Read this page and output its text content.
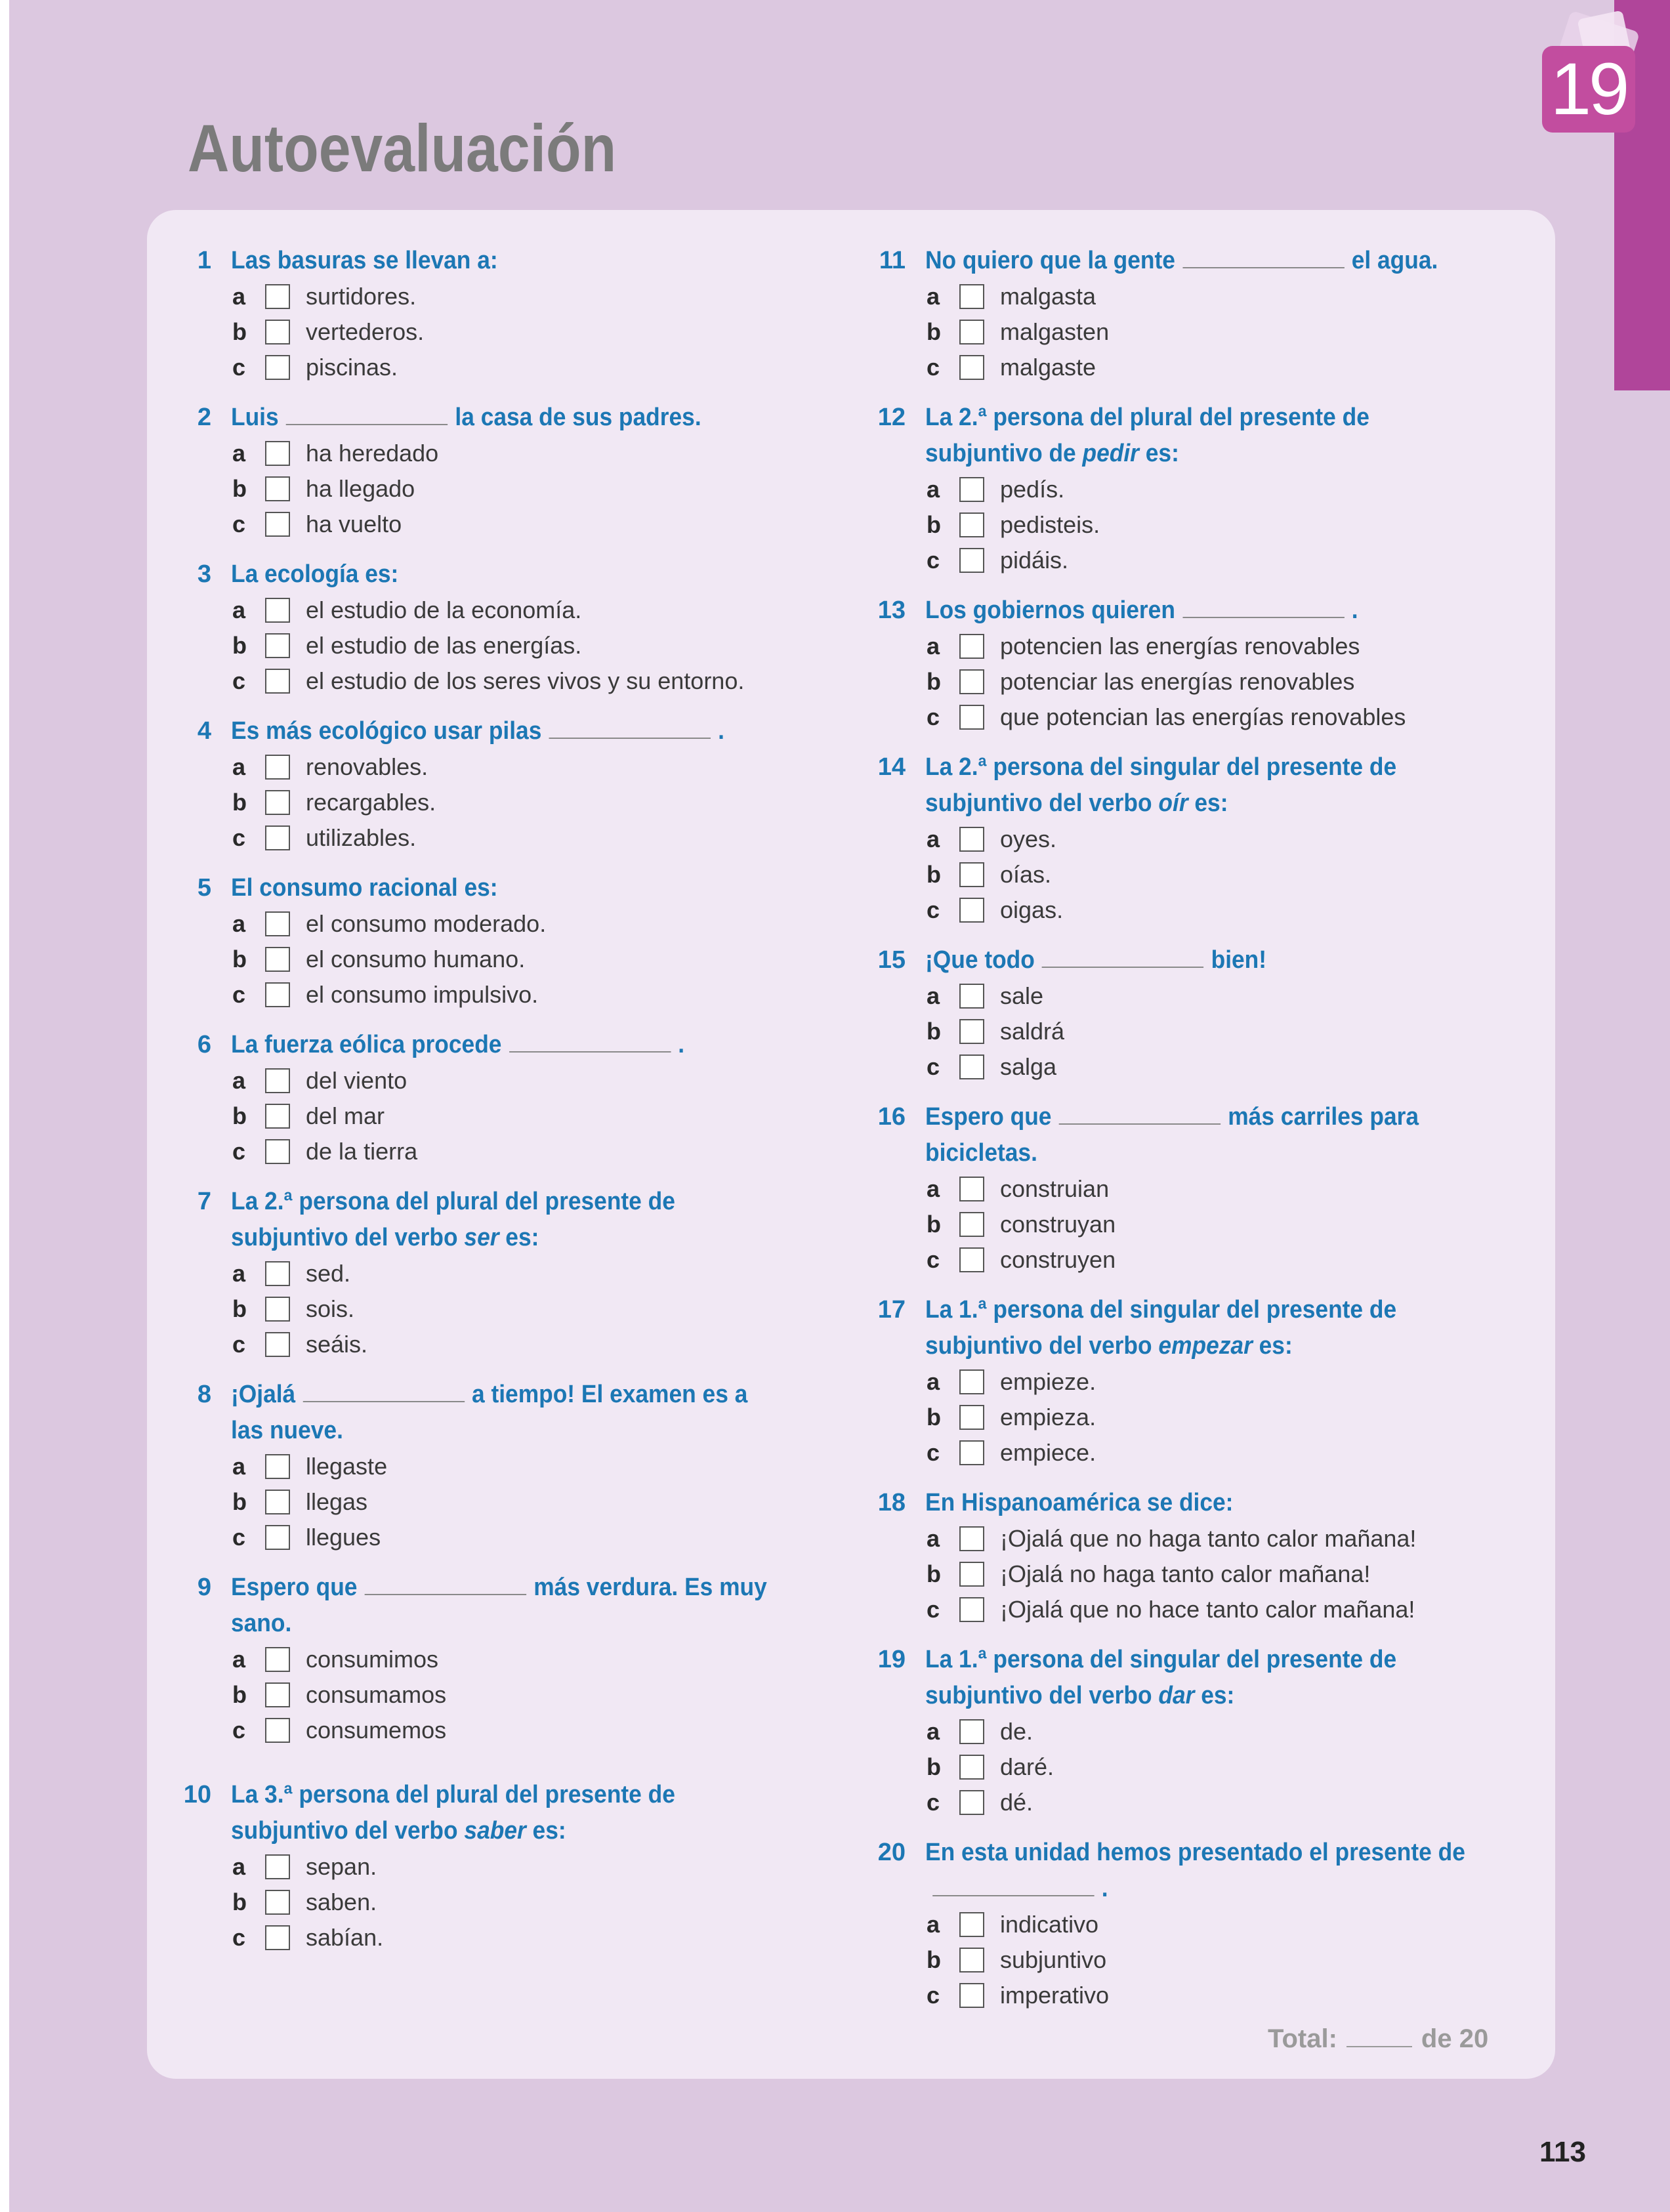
19
Autoevaluación
1 Las basuras se llevan a:
a	surtidores.
b	vertederos.
c	piscinas.
2 Luis	la casa de sus padres.
a	ha heredado
b	ha llegado
c	ha vuelto
3 La ecología es:
a	el estudio de la economía.
b	el estudio de las energías.
c	el estudio de los seres vivos y su entorno.
4 Es más ecológico usar pilas	.
a	renovables.
b	recargables.
c	utilizables.
5 El consumo racional es:
a	el consumo moderado.
b	el consumo humano.
c	el consumo impulsivo.
6 La fuerza eólica procede	.
a	del viento
b	del mar
c	de la tierra
7 La 2.ª persona del plural del presente de subjuntivo del verbo ser es:
a	sed.
b	sois.
c	seáis.
8 ¡Ojalá	a tiempo! El examen es a las nueve.
a	llegaste
b	llegas
c	llegues
9 Espero que	más verdura. Es muy sano.
a	consumimos
b	consumamos
c	consumemos
10 La 3.ª persona del plural del presente de subjuntivo del verbo saber es:
a	sepan.
b	saben.
c	sabían.
11 No quiero que la gente	el agua.
a	malgasta
b	malgasten
c	malgaste
12 La 2.ª persona del plural del presente de subjuntivo de pedir es:
a	pedís.
b	pedisteis.
c	pidáis.
13 Los gobiernos quieren	.
a	potencien las energías renovables
b	potenciar las energías renovables
c	que potencian las energías renovables
14 La 2.ª persona del singular del presente de subjuntivo del verbo oír es:
a	oyes.
b	oías.
c	oigas.
15 ¡Que todo	bien!
a	sale
b	saldrá
c	salga
16 Espero que	más carriles para bicicletas.
a	construian
b	construyan
c	construyen
17 La 1.ª persona del singular del presente de subjuntivo del verbo empezar es:
a	empieze.
b	empieza.
c	empiece.
18 En Hispanoamérica se dice:
a	¡Ojalá que no haga tanto calor mañana!
b	¡Ojalá no haga tanto calor mañana!
c	¡Ojalá que no hace tanto calor mañana!
19 La 1.ª persona del singular del presente de subjuntivo del verbo dar es:
a	de.
b	daré.
c	dé.
20 En esta unidad hemos presentado el presente de.
a	indicativo
b	subjuntivo
c	imperativo
Total:	de 20
113
